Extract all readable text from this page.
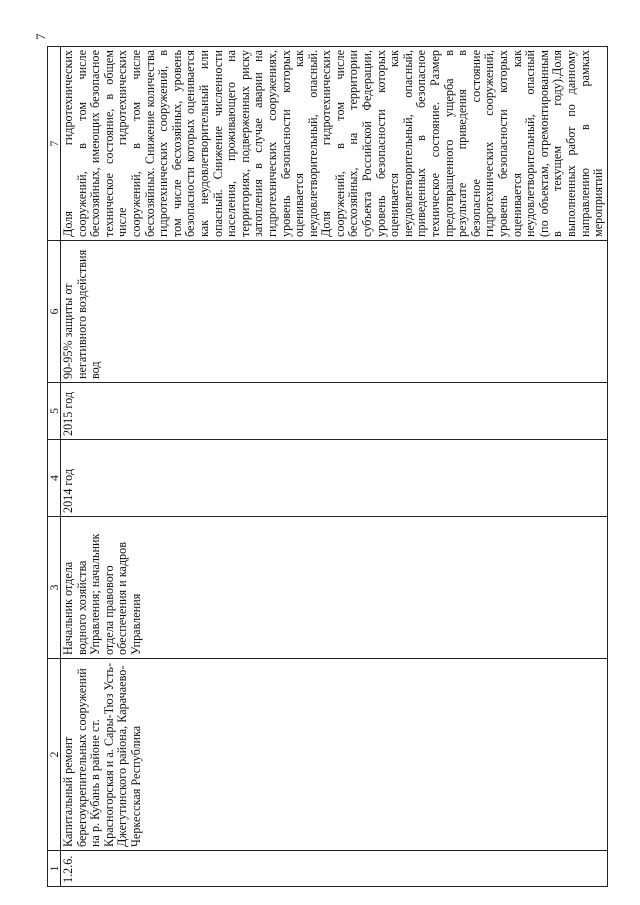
7
1	2	3	4	5	6	7
1.2.6.	Капитальный ремонт берегоукрепительных сооружений на р. Кубань в районе ст. Красногорская и а. Сары-Тюз Усть-Джегутинского района, Карачаево-Черкесская Республика	Начальник отдела водного хозяйства Управления; начальник отдела правового обеспечения и кадров Управления	2014 год	2015 год	90-95% защиты от негативного воздействия вод	Доля гидротехнических сооружений, в том числе бесхозяйных, имеющих безопасное техническое состояние, в общем числе гидротехнических сооружений, в том числе бесхозяйных. Снижение количества гидротехнических сооружений, в том числе бесхозяйных, уровень безопасности которых оценивается как неудовлетворительный или опасный. Снижение численности населения, проживающего на территориях, подверженных риску затопления в случае аварии на гидротехнических сооружениях, уровень безопасности которых оценивается как неудовлетворительный, опасный. Доля гидротехнических сооружений, в том числе бесхозяйных, на территории субъекта Российской Федерации, уровень безопасности которых оценивается как неудовлетворительный, опасный, приведенных в безопасное техническое состояние. Размер предотвращенного ущерба в результате приведения в безопасное состояние гидротехнических сооружений, уровень безопасности которых оценивается как неудовлетворительный, опасный (по объектам, отремонтированным в текущем году).Доля выполненных работ по данному направлению в рамках мероприятий
